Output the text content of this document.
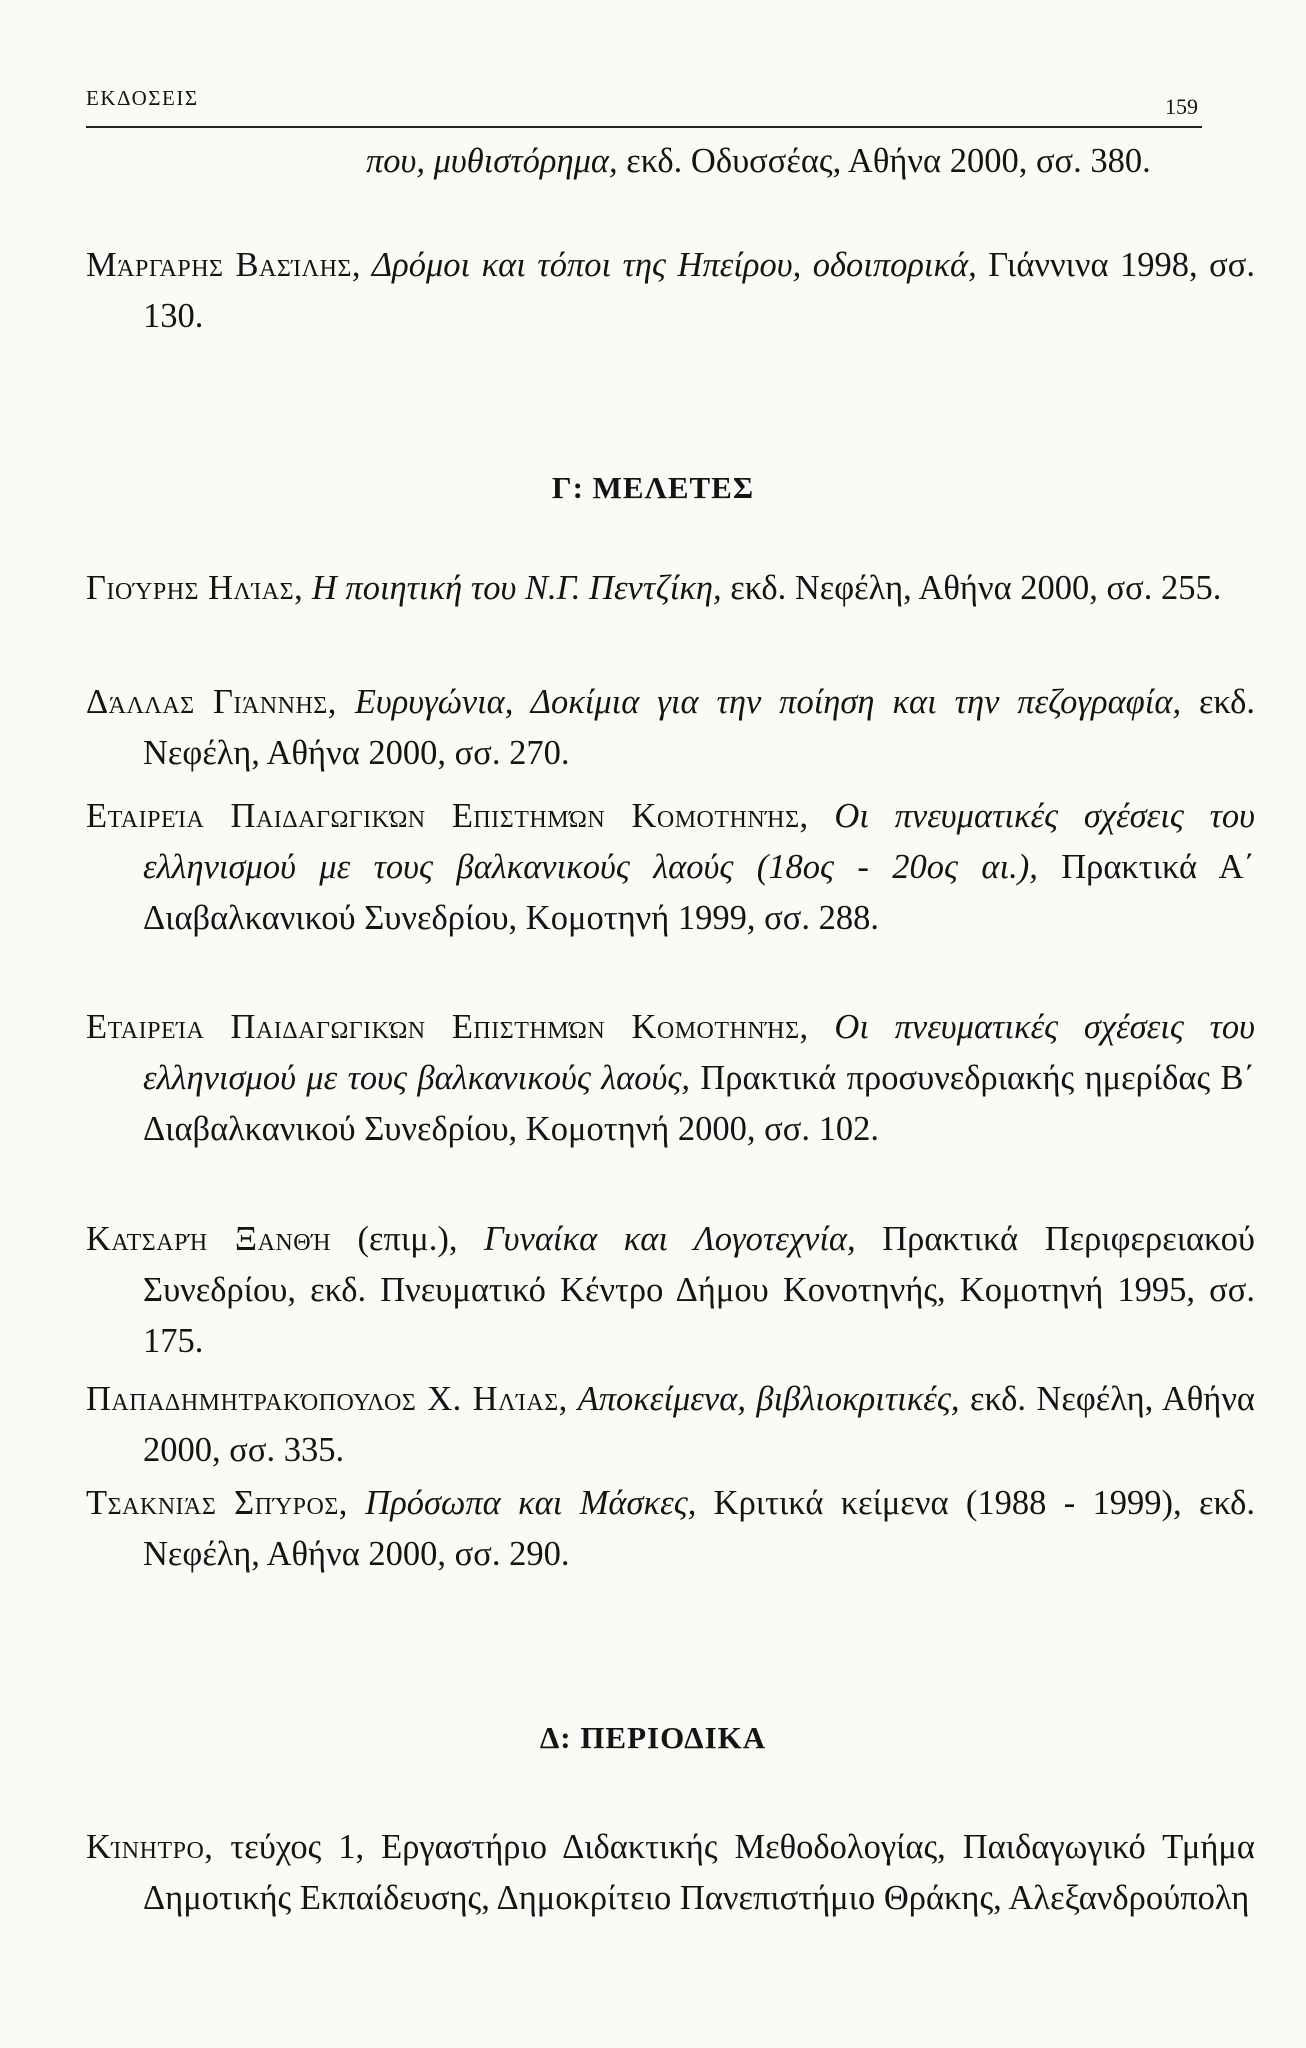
ΕΚΔΟΣΕΙΣ	159
που, μυθιστόρημα, εκδ. Οδυσσέας, Αθήνα 2000, σσ. 380.
Μάργαρης Βασίλης, Δρόμοι και τόποι της Ηπείρου, οδοιπορικά, Γιάννινα 1998, σσ. 130.
Γ: ΜΕΛΕΤΕΣ
Γιούρης Ηλίας, Η ποιητική του Ν.Γ. Πεντζίκη, εκδ. Νεφέλη, Αθήνα 2000, σσ. 255.
Δάλλας Γιάννης, Ευρυγώνια, Δοκίμια για την ποίηση και την πεζογραφία, εκδ. Νεφέλη, Αθήνα 2000, σσ. 270.
Εταιρεία Παιδαγωγικών Επιστημών Κομοτηνής, Οι πνευματικές σχέσεις του ελληνισμού με τους βαλκανικούς λαούς (18ος - 20ος αι.), Πρακτικά Α΄ Διαβαλκανικού Συνεδρίου, Κομοτηνή 1999, σσ. 288.
Εταιρεία Παιδαγωγικών Επιστημών Κομοτηνής, Οι πνευματικές σχέσεις του ελληνισμού με τους βαλκανικούς λαούς, Πρακτικά προσυνεδριακής ημερίδας Β΄ Διαβαλκανικού Συνεδρίου, Κομοτηνή 2000, σσ. 102.
Κατσαρή Ξανθή (επιμ.), Γυναίκα και Λογοτεχνία, Πρακτικά Περιφερειακού Συνεδρίου, εκδ. Πνευματικό Κέντρο Δήμου Κονοτηνής, Κομοτηνή 1995, σσ. 175.
Παπαδημητρακόπουλος Χ. Ηλίας, Αποκείμενα, βιβλιοκριτικές, εκδ. Νεφέλη, Αθήνα 2000, σσ. 335.
Τσακνιάς Σπύρος, Πρόσωπα και Μάσκες, Κριτικά κείμενα (1988 - 1999), εκδ. Νεφέλη, Αθήνα 2000, σσ. 290.
Δ: ΠΕΡΙΟΔΙΚΑ
Κίνητρο, τεύχος 1, Εργαστήριο Διδακτικής Μεθοδολογίας, Παιδαγωγικό Τμήμα Δημοτικής Εκπαίδευσης, Δημοκρίτειο Πανεπιστήμιο Θράκης, Αλεξανδρούπολη
